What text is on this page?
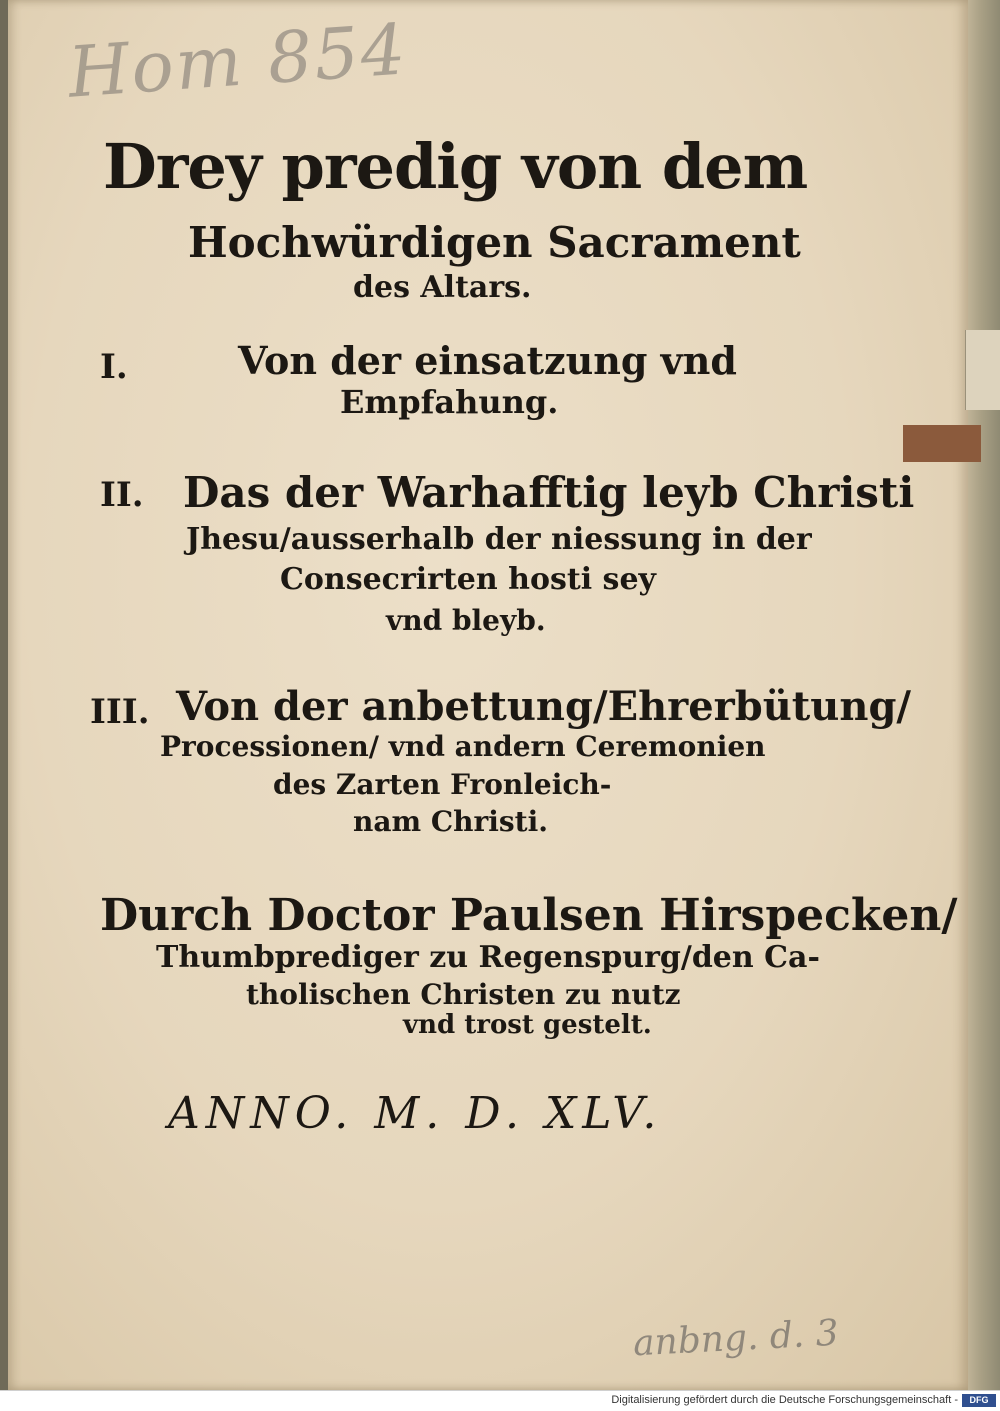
Hom 854
Drey predig von dem
Hochwürdigen Sacrament
des Altars.
I.	Von der einsatzung vnd
Empfahung.
II. Das der Warhafftig leyb Christi
Jhesu/ausserhalb der niessung in der
Consecrirten hosti sey
vnd bleyb.
III. Von der anbettung/Ehrerbütung/
Processionen/ vnd andern Ceremonien
des Zarten Fronleich-
nam Christi.
Durch Doctor Paulsen Hirspecken/
Thumbprediger zu Regenspurg/den Ca-
tholischen Christen zu nutz
vnd trost gestelt.
ANNO. M. D. XLV.
anbng. d. 3
Digitalisierung gefördert durch die Deutsche Forschungsgemeinschaft -	DFG
